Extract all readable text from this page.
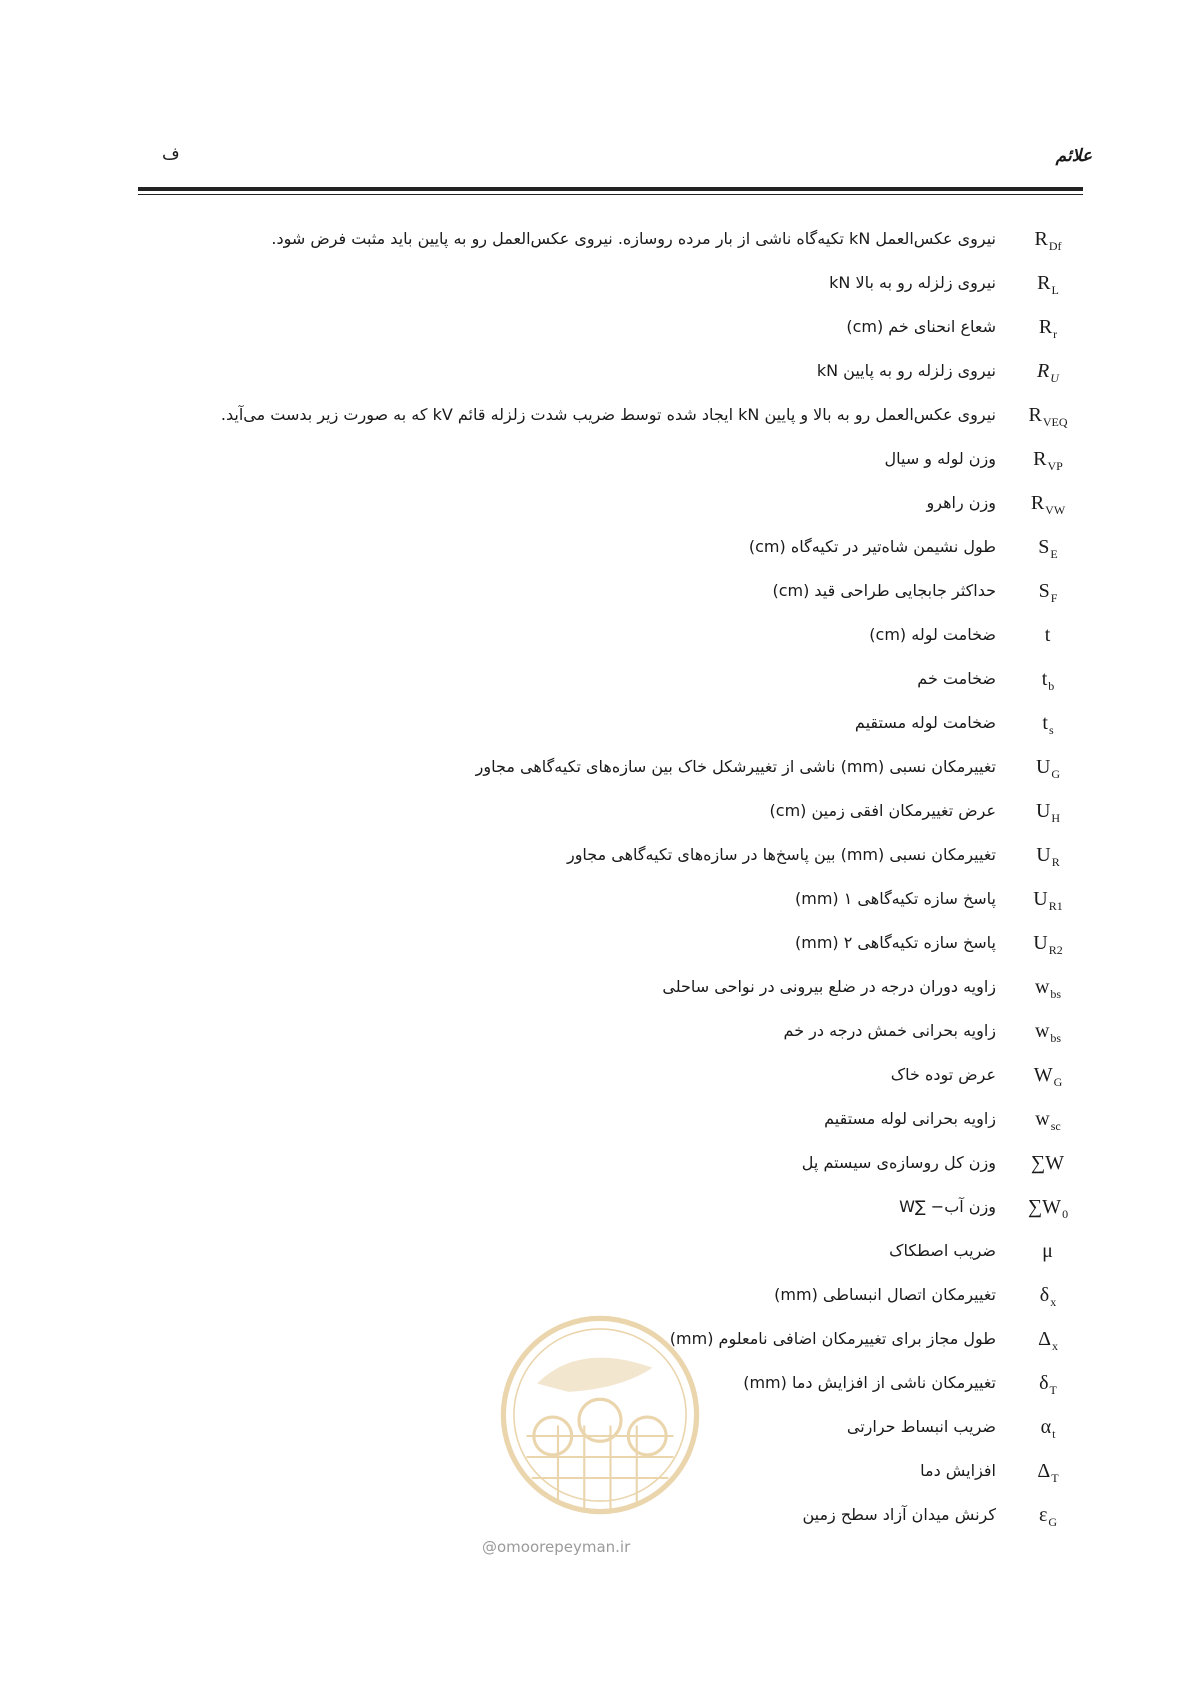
ف	علائم
$R_{Df}$
نیروی عکس‌العمل kN تکیه‌گاه ناشی از بار مرده روسازه. نیروی عکس‌العمل رو به پایین باید مثبت فرض شود.
$R_L$
نیروی زلزله رو به بالا kN
$R_r$
شعاع انحنای خم (cm)
$R_U$
نیروی زلزله رو به پایین kN
$R_{VEQ}$
نیروی عکس‌العمل رو به بالا و پایین kN ایجاد شده توسط ضریب شدت زلزله قائم kV که به صورت زیر بدست می‌آید.
$R_{VP}$
وزن لوله و سیال
$R_{VW}$
وزن راهرو
$S_E$
طول نشیمن شاه‌تیر در تکیه‌گاه (cm)
$S_F$
حداکثر جابجایی طراحی قید (cm)
t
ضخامت لوله (cm)
$t_b$
ضخامت خم
$t_s$
ضخامت لوله مستقیم
$U_G$
تغییرمکان نسبی (mm) ناشی از تغییرشکل خاک بین سازه‌های تکیه‌گاهی مجاور
$U_H$
عرض تغییرمکان افقی زمین (cm)
$U_R$
تغییرمکان نسبی (mm) بین پاسخ‌ها در سازه‌های تکیه‌گاهی مجاور
$U_{R1}$
پاسخ سازه تکیه‌گاهی ۱ (mm)
$U_{R2}$
پاسخ سازه تکیه‌گاهی ۲ (mm)
$w_{bs}$
زاویه دوران درجه در ضلع بیرونی در نواحی ساحلی
$w_{bs}$
زاویه بحرانی خمش درجه در خم
$W_G$
عرض توده خاک
$w_{sc}$
زاویه بحرانی لوله مستقیم
∑W
وزن کل روسازه‌ی سیستم پل
$\sum W_0$
وزن آب‌− ∑W
μ
ضریب اصطکاک
$\delta_x$
تغییرمکان اتصال انبساطی (mm)
$\Delta_x$
طول مجاز برای تغییرمکان اضافی نامعلوم (mm)
$\delta_T$
تغییرمکان ناشی از افزایش دما (mm)
$\alpha_t$
ضریب انبساط حرارتی
$\Delta_T$
افزایش دما
$\varepsilon_G$
کرنش میدان آزاد سطح زمین
@omoorepeyman.ir
